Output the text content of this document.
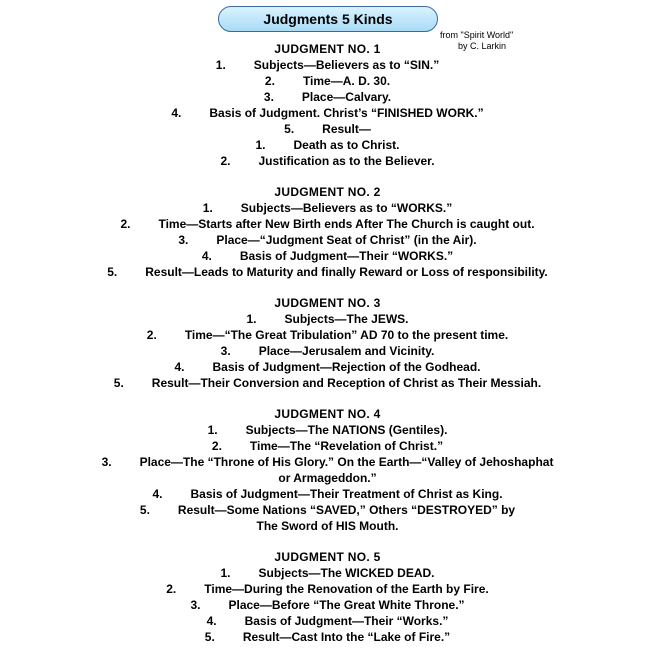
Judgments 5 Kinds
from "Spirit World"
by C. Larkin
JUDGMENT NO. 1
1. Subjects—Believers as to “SIN.”
2. Time—A. D. 30.
3. Place—Calvary.
4. Basis of Judgment. Christ’s “FINISHED WORK.”
5. Result—
1. Death as to Christ.
2. Justification as to the Believer.
JUDGMENT NO. 2
1. Subjects—Believers as to “WORKS.”
2. Time—Starts after New Birth ends After The Church is caught out.
3. Place—“Judgment Seat of Christ” (in the Air).
4. Basis of Judgment—Their “WORKS.”
5. Result—Leads to Maturity and finally Reward or Loss of responsibility.
JUDGMENT NO. 3
1. Subjects—The JEWS.
2. Time—“The Great Tribulation” AD 70 to the present time.
3. Place—Jerusalem and Vicinity.
4. Basis of Judgment—Rejection of the Godhead.
5. Result—Their Conversion and Reception of Christ as Their Messiah.
JUDGMENT NO. 4
1. Subjects—The NATIONS (Gentiles).
2. Time—The “Revelation of Christ.”
3. Place—The “Throne of His Glory.” On the Earth—“Valley of Jehoshaphat
or Armageddon.”
4. Basis of Judgment—Their Treatment of Christ as King.
5. Result—Some Nations “SAVED,” Others “DESTROYED” by
The Sword of HIS Mouth.
JUDGMENT NO. 5
1. Subjects—The WICKED DEAD.
2. Time—During the Renovation of the Earth by Fire.
3. Place—Before “The Great White Throne.”
4. Basis of Judgment—Their “Works.”
5. Result—Cast Into the “Lake of Fire.”
